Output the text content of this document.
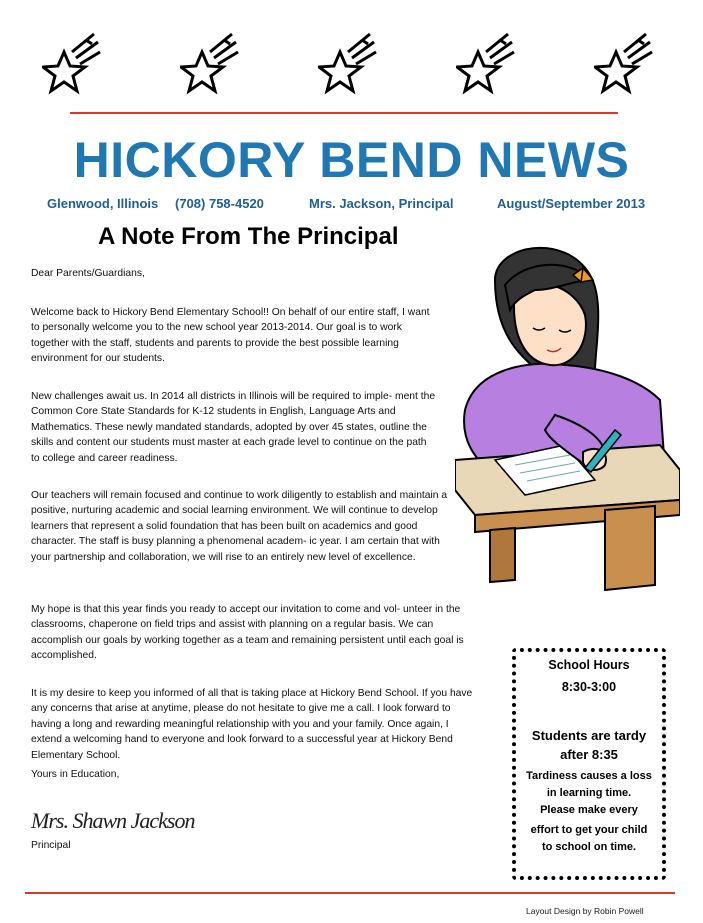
HICKORY BEND NEWS
Glenwood, Illinois (708) 758-4520	Mrs. Jackson, Principal	August/September 2013
A Note From The Principal

Dear Parents/Guardians,

Welcome back to Hickory Bend Elementary School!! On behalf of our entire staff, I want to personally welcome you to the new school year 2013-2014. Our goal is to work together with the staff, students and parents to provide the best possible learning environment for our students.

New challenges await us. In 2014 all districts in Illinois will be required to imple- ment the Common Core State Standards for K-12 students in English, Language Arts and Mathematics. These newly mandated standards, adopted by over 45 states, outline the skills and content our students must master at each grade level to continue on the path to college and career readiness.

Our teachers will remain focused and continue to work diligently to establish and maintain a positive, nurturing academic and social learning environment. We will continue to develop learners that represent a solid foundation that has been built on academics and good character. The staff is busy planning a phenomenal academ- ic year. I am certain that with your partnership and collaboration, we will rise to an entirely new level of excellence.

My hope is that this year finds you ready to accept our invitation to come and vol- unteer in the classrooms, chaperone on field trips and assist with planning on a regular basis. We can accomplish our goals by working together as a team and remaining persistent until each goal is accomplished.

It is my desire to keep you informed of all that is taking place at Hickory Bend School. If you have any concerns that arise at anytime, please do not hesitate to give me a call. I look forward to having a long and rewarding meaningful relationship with you and your family. Once again, I extend a welcoming hand to everyone and look forward to a successful year at Hickory Bend Elementary School.

Yours in Education,

Mrs. Shawn Jackson
Principal
School Hours
8:30-3:00
Students are tardy
after 8:35
Tardiness causes a loss
in learning time.
Please make every
effort to get your child
to school on time.
Layout Design by Robin Powell
